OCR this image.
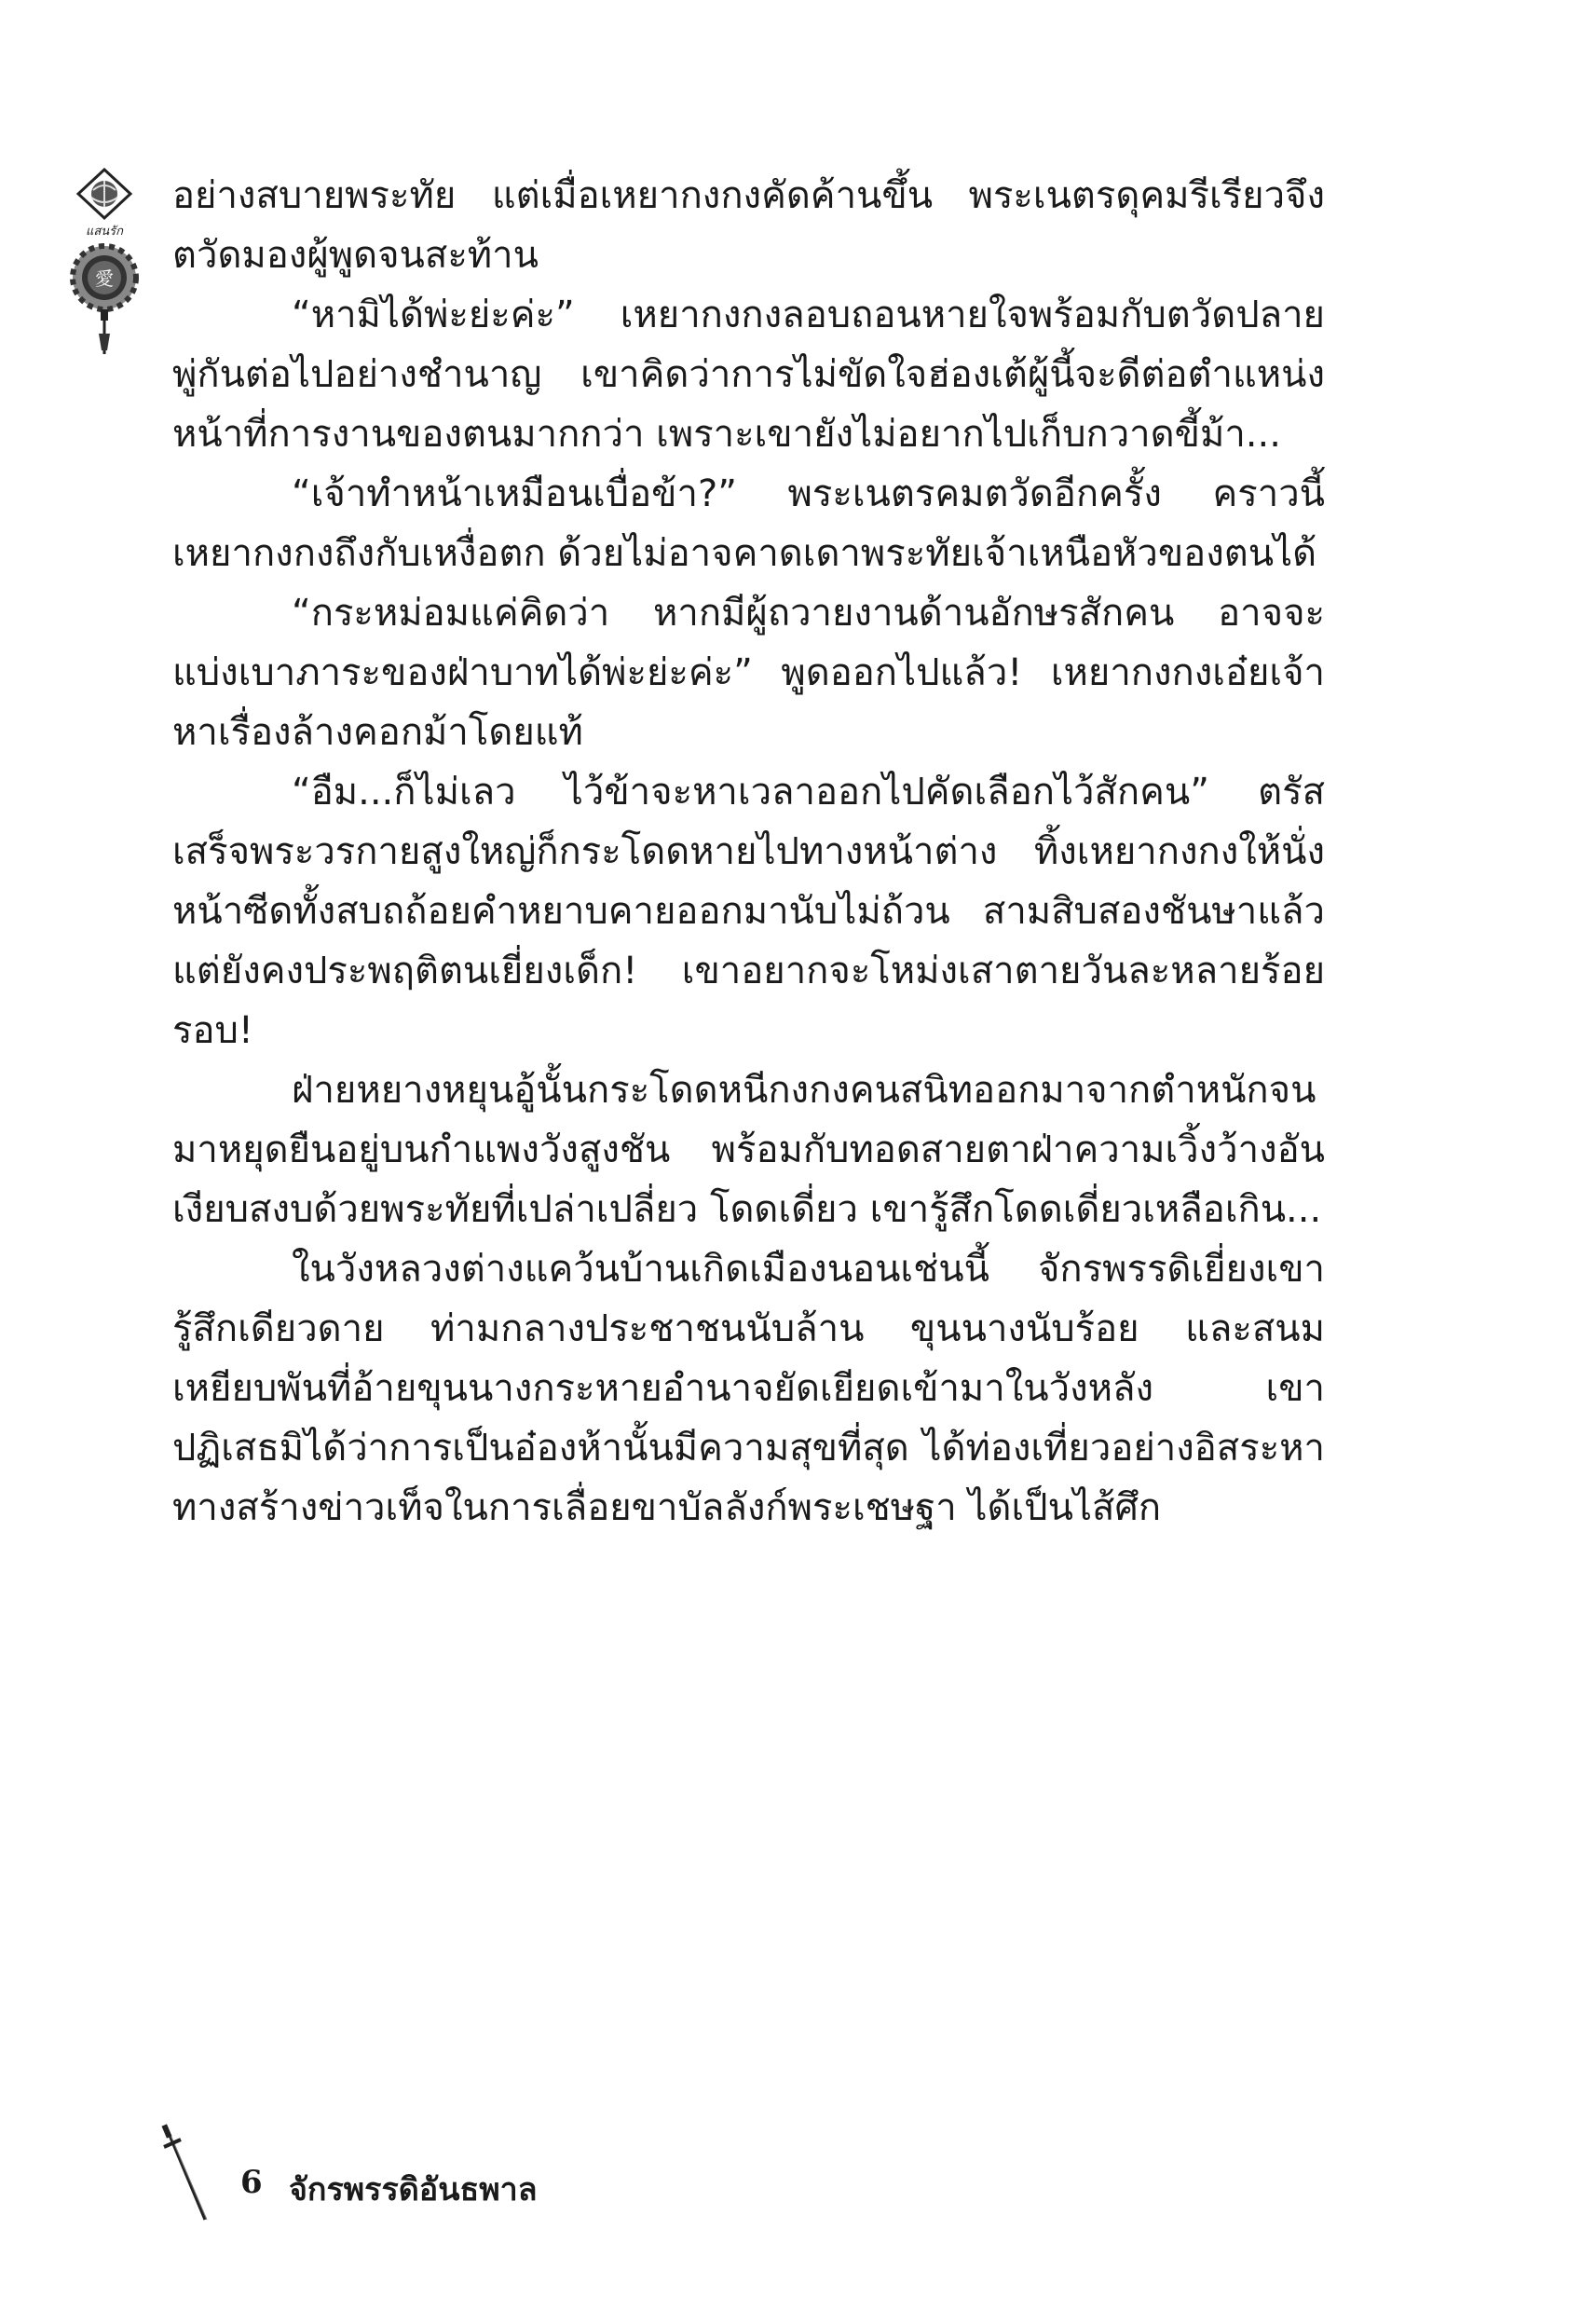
แสนรัก
愛

อย่างสบายพระทัย แต่เมื่อเหยากงกงคัดค้านขึ้น พระเนตรดุคมรีเรียวจึงตวัดมองผู้พูดจนสะท้าน

“หามิได้พ่ะย่ะค่ะ” เหยากงกงลอบถอนหายใจพร้อมกับตวัดปลายพู่กันต่อไปอย่างชำนาญ เขาคิดว่าการไม่ขัดใจฮ่องเต้ผู้นี้จะดีต่อตำแหน่งหน้าที่การงานของตนมากกว่า เพราะเขายังไม่อยากไปเก็บกวาดขี้ม้า...

“เจ้าทำหน้าเหมือนเบื่อข้า?” พระเนตรคมตวัดอีกครั้ง คราวนี้เหยากงกงถึงกับเหงื่อตก ด้วยไม่อาจคาดเดาพระทัยเจ้าเหนือหัวของตนได้

“กระหม่อมแค่คิดว่า หากมีผู้ถวายงานด้านอักษรสักคน อาจจะแบ่งเบาภาระของฝ่าบาทได้พ่ะย่ะค่ะ” พูดออกไปแล้ว! เหยากงกงเอ๋ยเจ้าหาเรื่องล้างคอกม้าโดยแท้

“อืม...ก็ไม่เลว ไว้ข้าจะหาเวลาออกไปคัดเลือกไว้สักคน” ตรัสเสร็จพระวรกายสูงใหญ่ก็กระโดดหายไปทางหน้าต่าง ทิ้งเหยากงกงให้นั่งหน้าซีดทั้งสบถถ้อยคำหยาบคายออกมานับไม่ถ้วน สามสิบสองชันษาแล้ว แต่ยังคงประพฤติตนเยี่ยงเด็ก! เขาอยากจะโหม่งเสาตายวันละหลายร้อยรอบ!

ฝ่ายหยางหยุนอู้นั้นกระโดดหนีกงกงคนสนิทออกมาจากตำหนักจนมาหยุดยืนอยู่บนกำแพงวังสูงชัน พร้อมกับทอดสายตาฝ่าความเวิ้งว้างอันเงียบสงบด้วยพระทัยที่เปล่าเปลี่ยว โดดเดี่ยว เขารู้สึกโดดเดี่ยวเหลือเกิน...

ในวังหลวงต่างแคว้นบ้านเกิดเมืองนอนเช่นนี้ จักรพรรดิเยี่ยงเขารู้สึกเดียวดาย ท่ามกลางประชาชนนับล้าน ขุนนางนับร้อย และสนมเหยียบพันที่อ้ายขุนนางกระหายอำนาจยัดเยียดเข้ามาในวังหลัง เขาปฏิเสธมิได้ว่าการเป็นอ๋องห้านั้นมีความสุขที่สุด ได้ท่องเที่ยวอย่างอิสระหาทางสร้างข่าวเท็จในการเลื่อยขาบัลลังก์พระเชษฐา ได้เป็นไส้ศึก

6 จักรพรรดิอันธพาล
